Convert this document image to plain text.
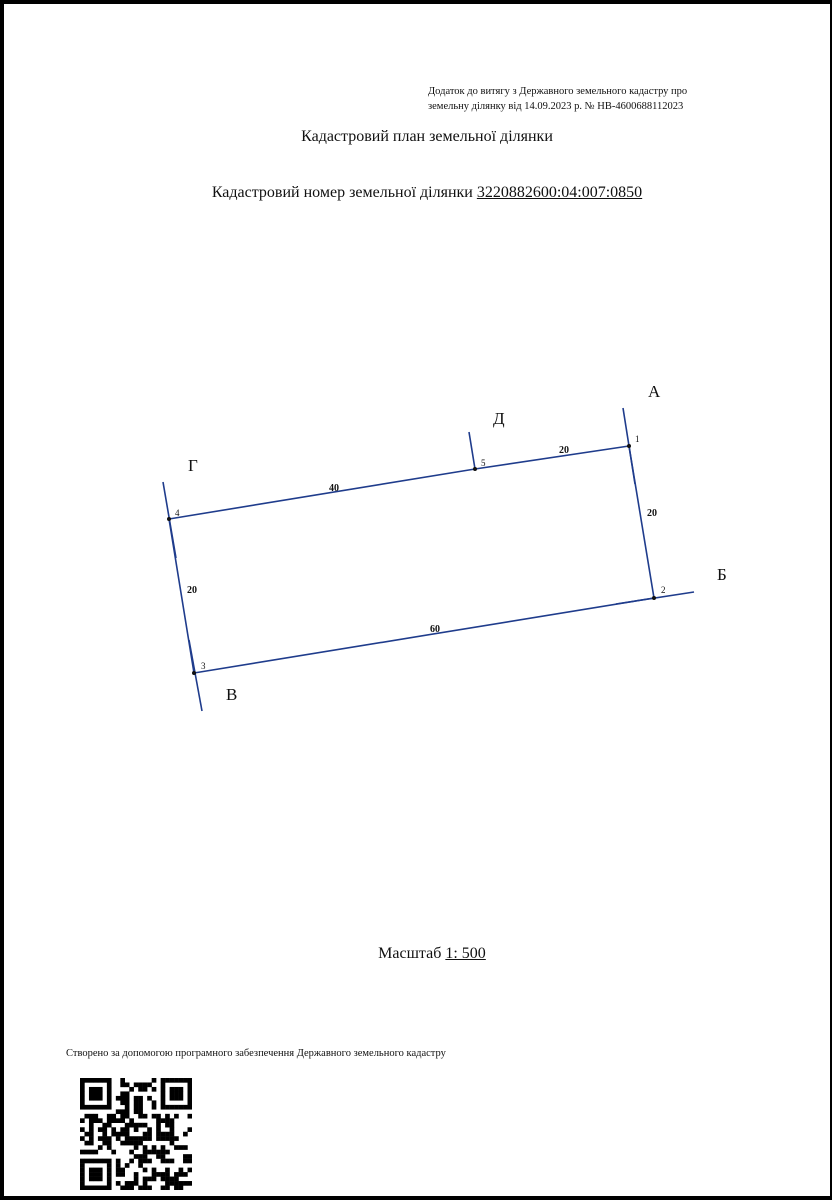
Додаток до витягу з Державного земельного кадастру про
земельну ділянку від 14.09.2023 р. № НВ-4600688112023
Кадастровий план земельної ділянки
Кадастровий номер земельної ділянки 3220882600:04:007:0850
20
40
20
20
60
1
2
3
4
5
А
Б
В
Г
Д
Масштаб 1: 500
Створено за допомогою програмного забезпечення Державного земельного кадастру
